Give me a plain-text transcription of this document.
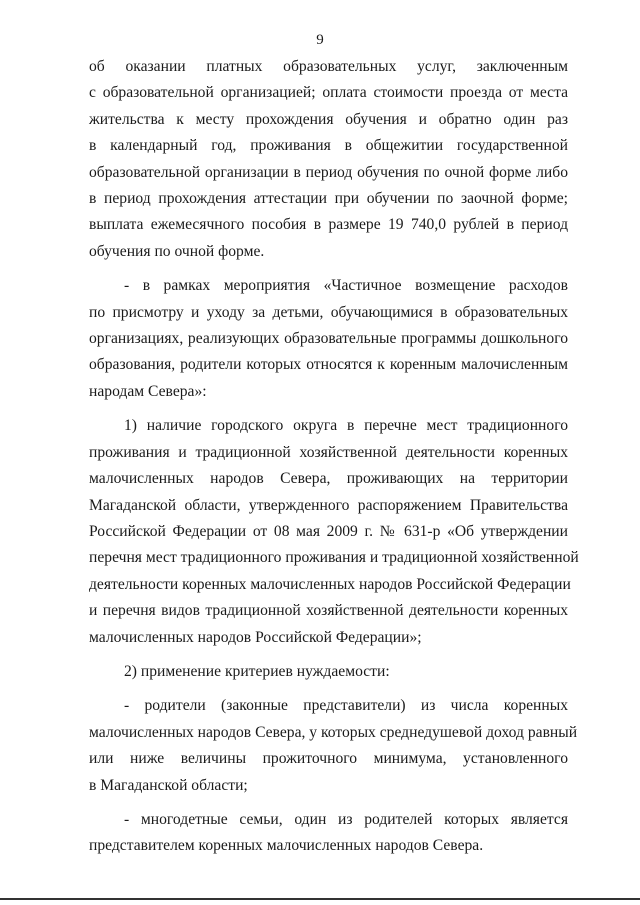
9

об оказании платных образовательных услуг, заключенным
с образовательной организацией; оплата стоимости проезда от места
жительства к месту прохождения обучения и обратно один раз
в календарный год, проживания в общежитии государственной
образовательной организации в период обучения по очной форме либо
в период прохождения аттестации при обучении по заочной форме;
выплата ежемесячного пособия в размере 19 740,0 рублей в период
обучения по очной форме.

- в рамках мероприятия «Частичное возмещение расходов
по присмотру и уходу за детьми, обучающимися в образовательных
организациях, реализующих образовательные программы дошкольного
образования, родители которых относятся к коренным малочисленным
народам Севера»:

1) наличие городского округа в перечне мест традиционного
проживания и традиционной хозяйственной деятельности коренных
малочисленных народов Севера, проживающих на территории
Магаданской области, утвержденного распоряжением Правительства
Российской Федерации от 08 мая 2009 г. № 631-р «Об утверждении
перечня мест традиционного проживания и традиционной хозяйственной
деятельности коренных малочисленных народов Российской Федерации
и перечня видов традиционной хозяйственной деятельности коренных
малочисленных народов Российской Федерации»;

2) применение критериев нуждаемости:

- родители (законные представители) из числа коренных
малочисленных народов Севера, у которых среднедушевой доход равный
или ниже величины прожиточного минимума, установленного
в Магаданской области;

- многодетные семьи, один из родителей которых является
представителем коренных малочисленных народов Севера.
